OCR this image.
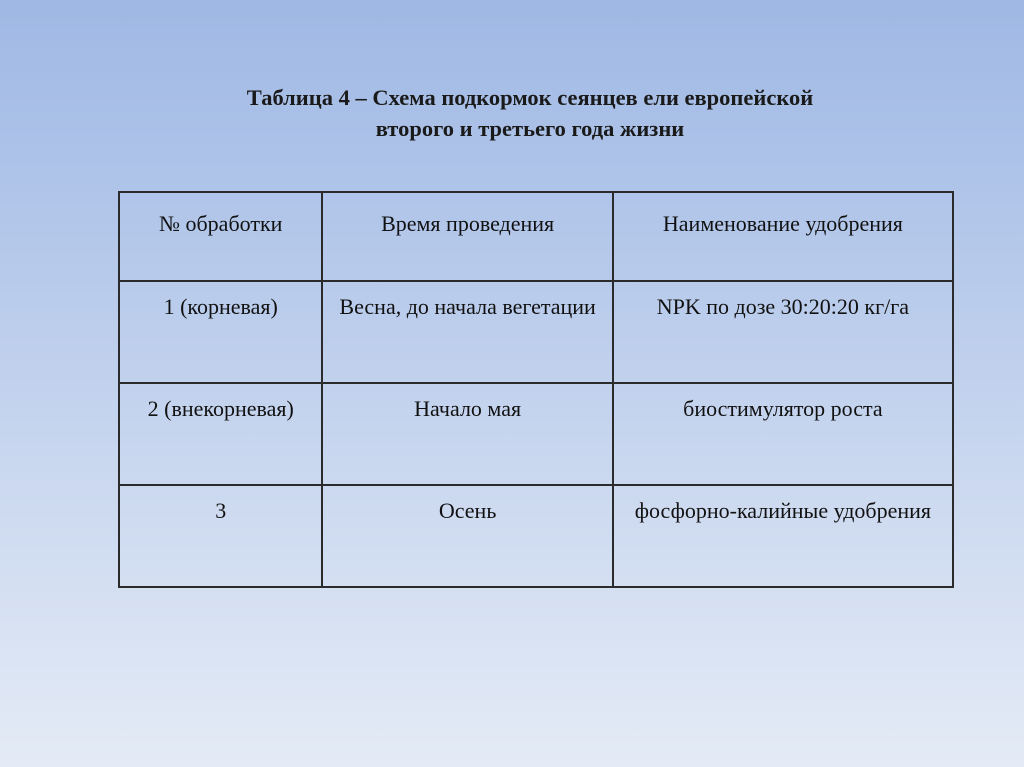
Таблица 4 – Схема подкормок сеянцев ели европейской
второго и третьего года жизни
№ обработки	Время проведения	Наименование удобрения
1 (корневая)	Весна, до начала вегетации	NPK по дозе 30:20:20 кг/га
2 (внекорневая)	Начало мая	биостимулятор роста
3	Осень	фосфорно-калийные удобрения
